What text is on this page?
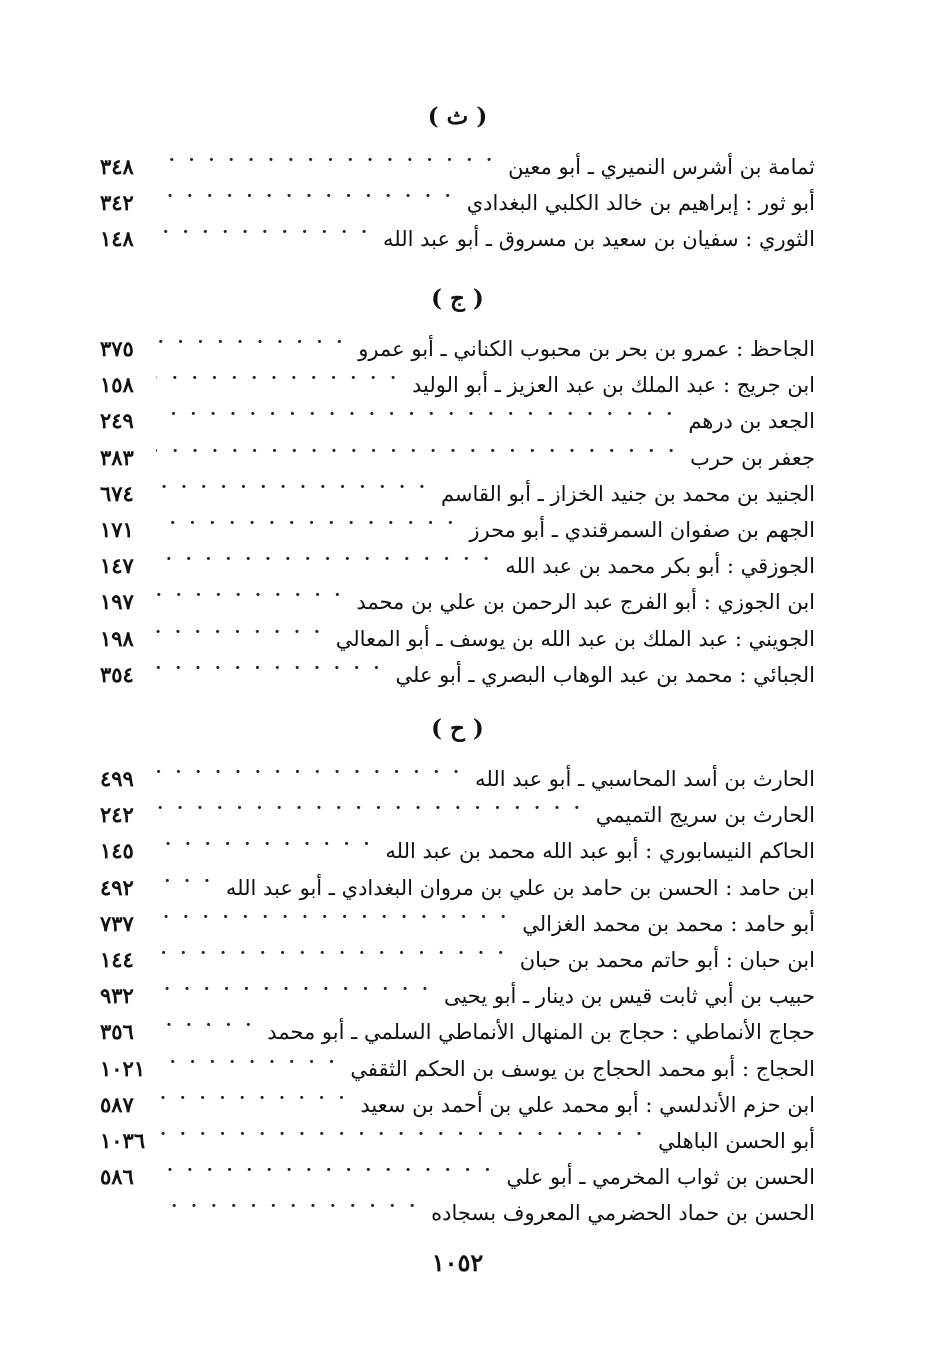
( ث )
ثمامة بن أشرس النميري ـ أبو معين
. . .
٣٤٨
أبو ثور : إبراهيم بن خالد الكلبي البغدادي
. . .
٣٤٢
الثوري : سفيان بن سعيد بن مسروق ـ أبو عبد الله
. . .
١٤٨
( ج )
الجاحظ : عمرو بن بحر بن محبوب الكناني ـ أبو عمرو
. . .
٣٧٥
ابن جريج : عبد الملك بن عبد العزيز ـ أبو الوليد
. . .
١٥٨
الجعد بن درهم
. . .
٢٤٩
جعفر بن حرب
. . .
٣٨٣
الجنيد بن محمد بن جنيد الخزاز ـ أبو القاسم
. . .
٦٧٤
الجهم بن صفوان السمرقندي ـ أبو محرز
. . .
١٧١
الجوزقي : أبو بكر محمد بن عبد الله
. . .
١٤٧
ابن الجوزي : أبو الفرج عبد الرحمن بن علي بن محمد
. . .
١٩٧
الجويني : عبد الملك بن عبد الله بن يوسف ـ أبو المعالي
. . .
١٩٨
الجبائي : محمد بن عبد الوهاب البصري ـ أبو علي
. . .
٣٥٤
( ح )
الحارث بن أسد المحاسبي ـ أبو عبد الله
. . .
٤٩٩
الحارث بن سريج التميمي
. . .
٢٤٢
الحاكم النيسابوري : أبو عبد الله محمد بن عبد الله
. . .
١٤٥
ابن حامد : الحسن بن حامد بن علي بن مروان البغدادي ـ أبو عبد الله
. . .
٤٩٢
أبو حامد : محمد بن محمد الغزالي
. . .
٧٣٧
ابن حبان : أبو حاتم محمد بن حبان
. . .
١٤٤
حبيب بن أبي ثابت قيس بن دينار ـ أبو يحيى
. . .
٩٣٢
حجاج الأنماطي : حجاج بن المنهال الأنماطي السلمي ـ أبو محمد
. . .
٣٥٦
الحجاج : أبو محمد الحجاج بن يوسف بن الحكم الثقفي
. . .
١٠٢١
ابن حزم الأندلسي : أبو محمد علي بن أحمد بن سعيد
. . .
٥٨٧
أبو الحسن الباهلي
. . .
١٠٣٦
الحسن بن ثواب المخرمي ـ أبو علي
. . .
٥٨٦
الحسن بن حماد الحضرمي المعروف بسجاده
. . .
١٠٥٢
